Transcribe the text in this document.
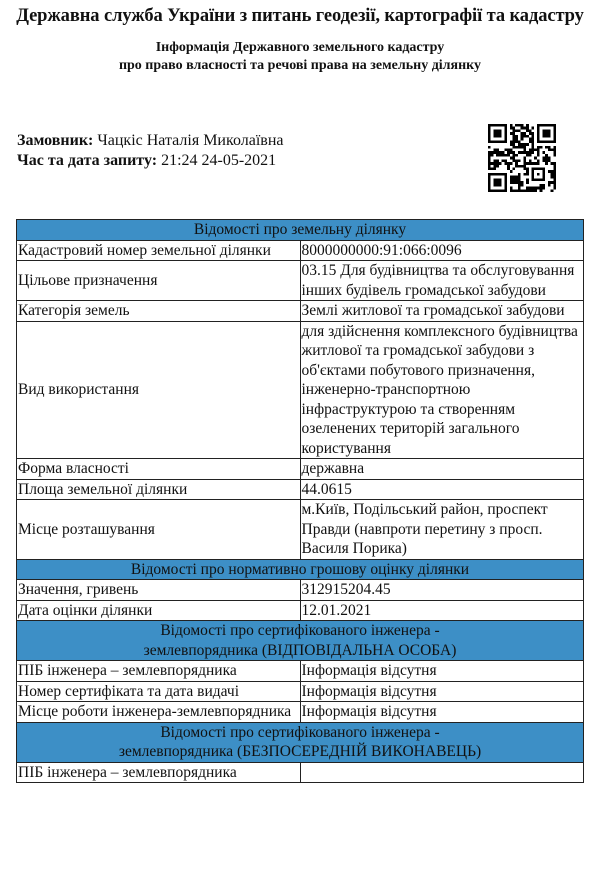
Державна служба України з питань геодезії, картографії та кадастру
Інформація Державного земельного кадастру
про право власності та речові права на земельну ділянку
Замовник: Чацкіс Наталія Миколаївна
Час та дата запиту: 21:24 24-05-2021
Відомості про земельну ділянку	
Кадастровий номер земельної ділянки	8000000000:91:066:0096
Цільове призначення	03.15 Для будівництва та обслуговування інших будівель громадської забудови
Категорія земель	Землі житлової та громадської забудови
Вид використання	для здійснення комплексного будівництва житлової та громадської забудови з об'єктами побутового призначення, інженерно-транспортною інфраструктурою та створенням озеленених територій загального користування
Форма власності	державна
Площа земельної ділянки	44.0615
Місце розташування	м.Київ, Подільський район, проспект Правди (навпроти перетину з просп. Василя Порика)
Відомості про нормативно грошову оцінку ділянки	
Значення, гривень	312915204.45
Дата оцінки ділянки	12.01.2021

Відомості про сертифікованого інженера -
землевпорядника (ВІДПОВІДАЛЬНА ОСОБА)	

ПІБ інженера – землевпорядника	Інформація відсутня
Номер сертифіката та дата видачі	Інформація відсутня
Місце роботи інженера-землевпорядника	Інформація відсутня

Відомості про сертифікованого інженера -
землевпорядника (БЕЗПОСЕРЕДНІЙ ВИКОНАВЕЦЬ)	

ПІБ інженера – землевпорядника	
